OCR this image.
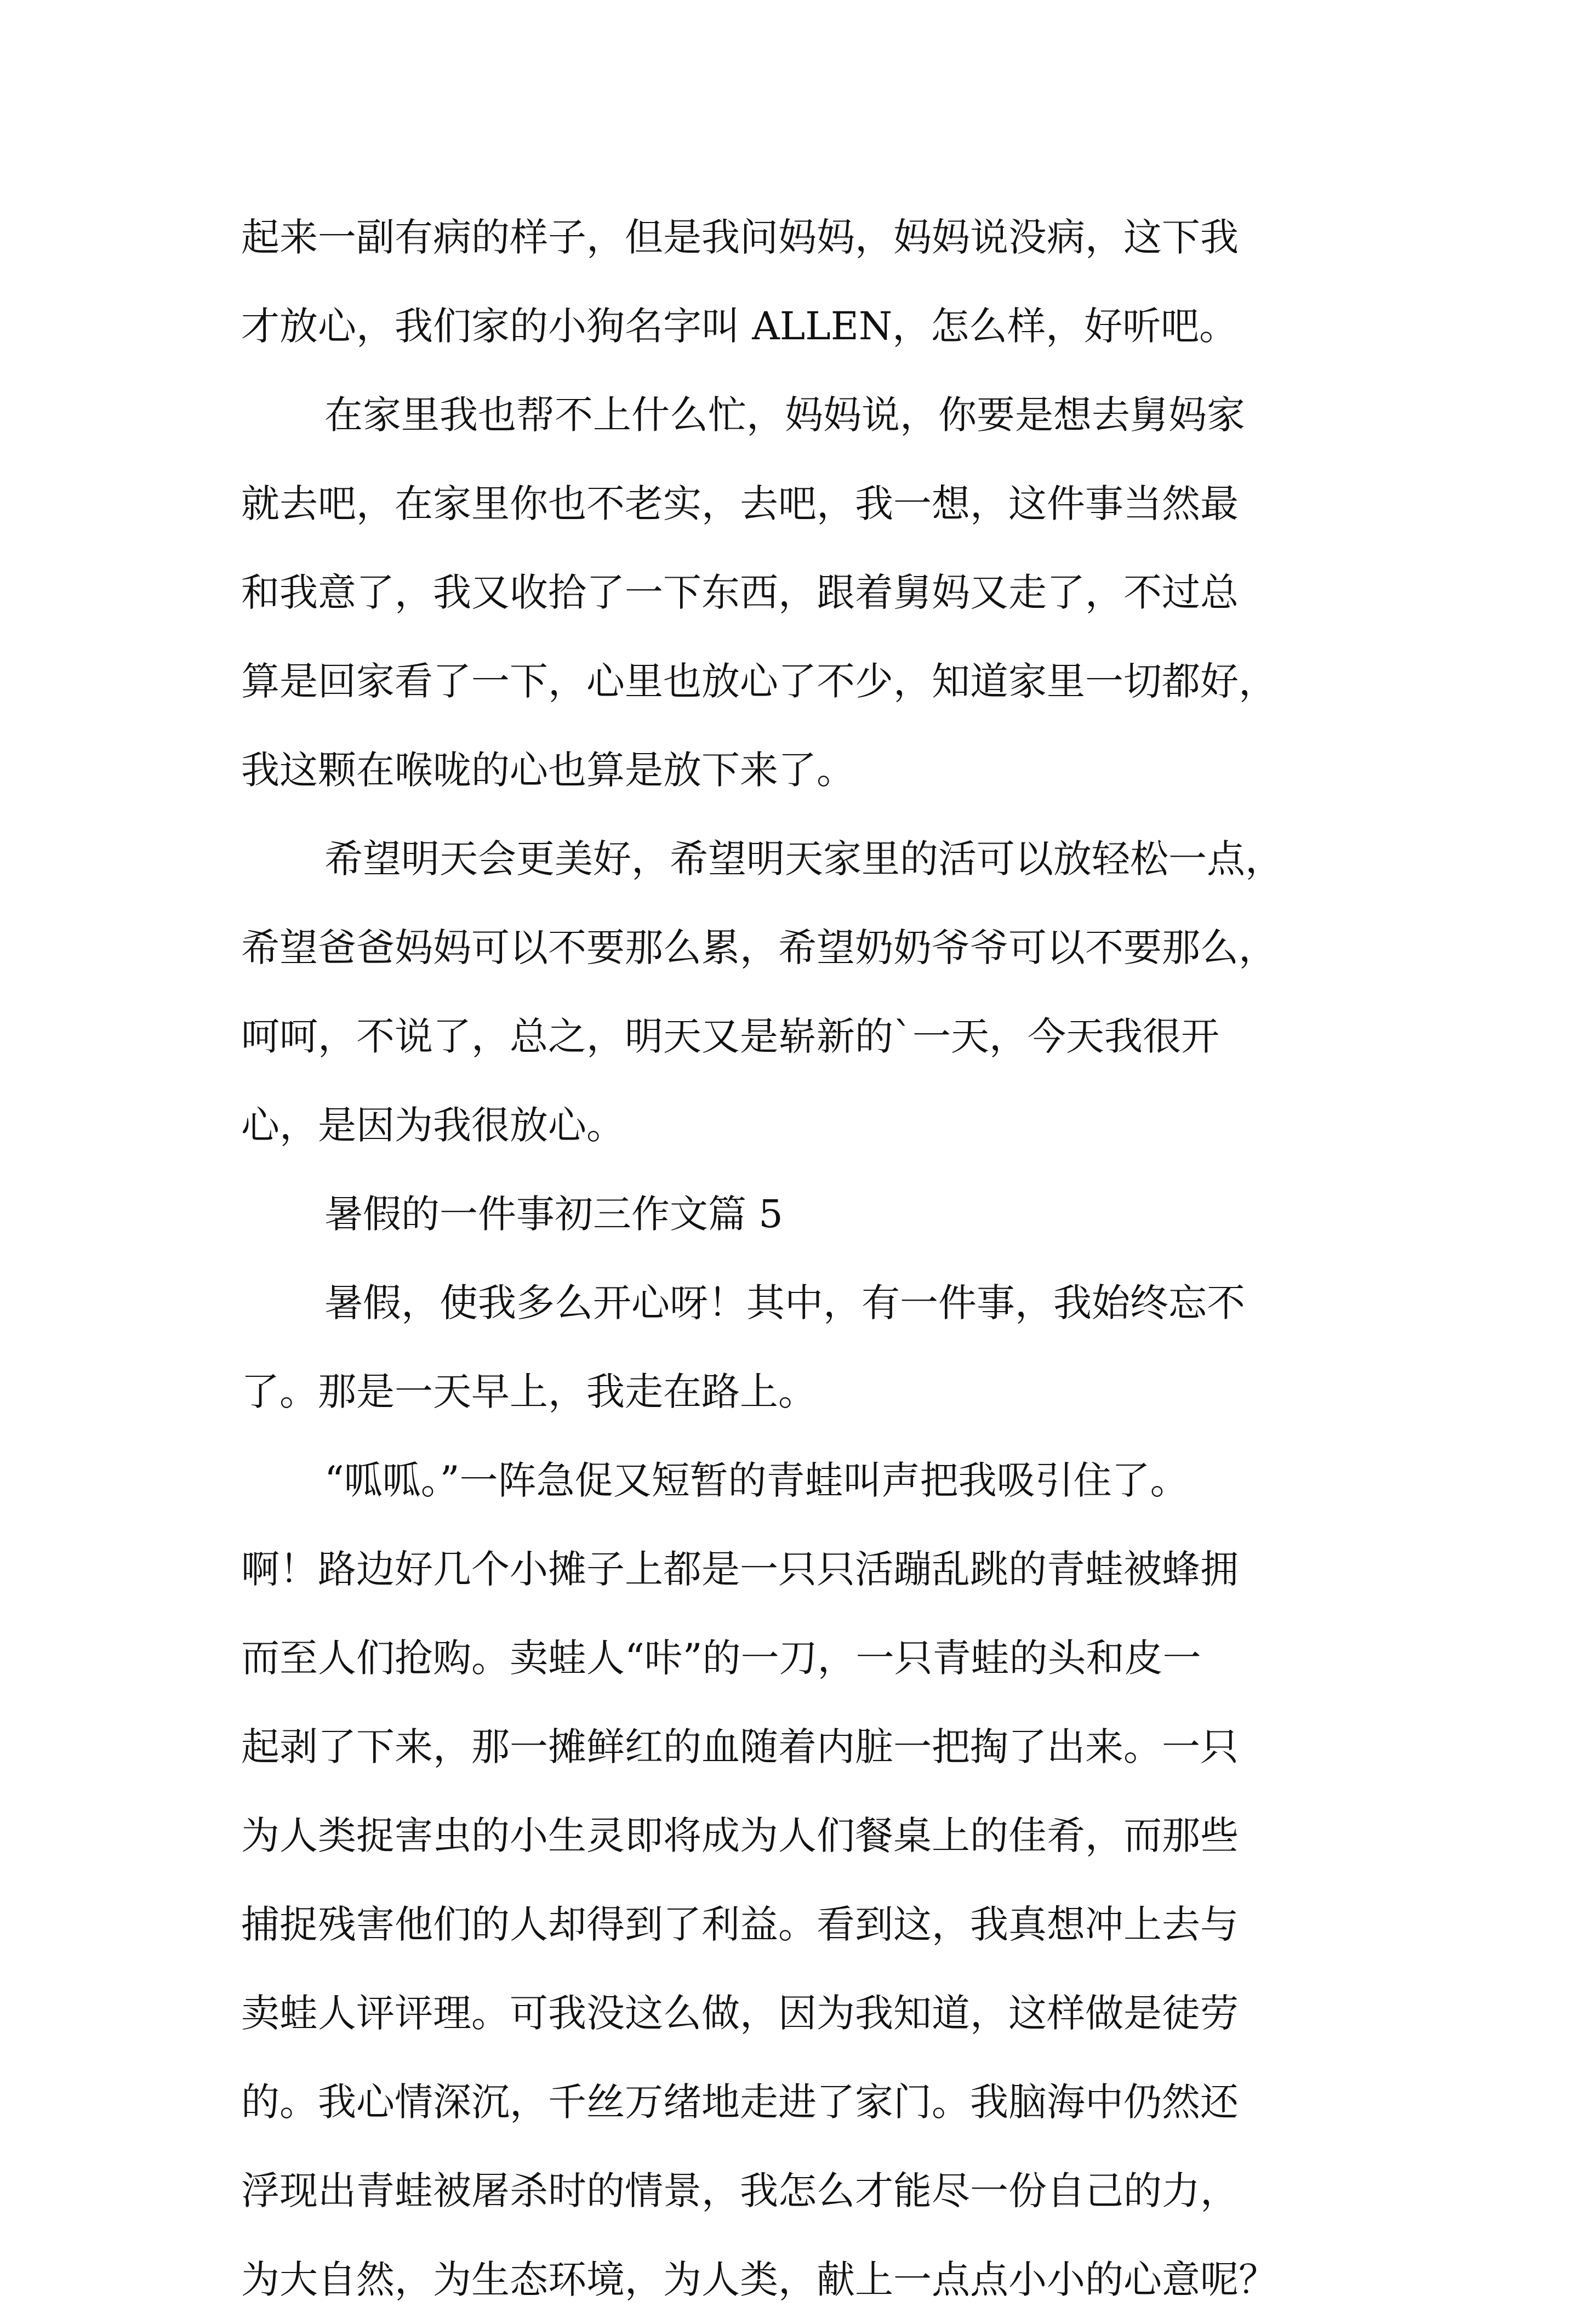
起来一副有病的样子，但是我问妈妈，妈妈说没病，这下我
才放心，我们家的小狗名字叫 ALLEN，怎么样，好听吧。
在家里我也帮不上什么忙，妈妈说，你要是想去舅妈家
就去吧，在家里你也不老实，去吧，我一想，这件事当然最
和我意了，我又收拾了一下东西，跟着舅妈又走了，不过总
算是回家看了一下，心里也放心了不少，知道家里一切都好，
我这颗在喉咙的心也算是放下来了。
希望明天会更美好，希望明天家里的活可以放轻松一点，
希望爸爸妈妈可以不要那么累，希望奶奶爷爷可以不要那么，
呵呵，不说了，总之，明天又是崭新的`一天，今天我很开
心，是因为我很放心。
暑假的一件事初三作文篇 5
暑假，使我多么开心呀！其中，有一件事，我始终忘不
了。那是一天早上，我走在路上。
“呱呱。”一阵急促又短暂的青蛙叫声把我吸引住了。
啊！路边好几个小摊子上都是一只只活蹦乱跳的青蛙被蜂拥
而至人们抢购。卖蛙人“咔”的一刀，一只青蛙的头和皮一
起剥了下来，那一摊鲜红的血随着内脏一把掏了出来。一只
为人类捉害虫的小生灵即将成为人们餐桌上的佳肴，而那些
捕捉残害他们的人却得到了利益。看到这，我真想冲上去与
卖蛙人评评理。可我没这么做，因为我知道，这样做是徒劳
的。我心情深沉，千丝万绪地走进了家门。我脑海中仍然还
浮现出青蛙被屠杀时的情景，我怎么才能尽一份自己的力，
为大自然，为生态环境，为人类，献上一点点小小的心意呢？
